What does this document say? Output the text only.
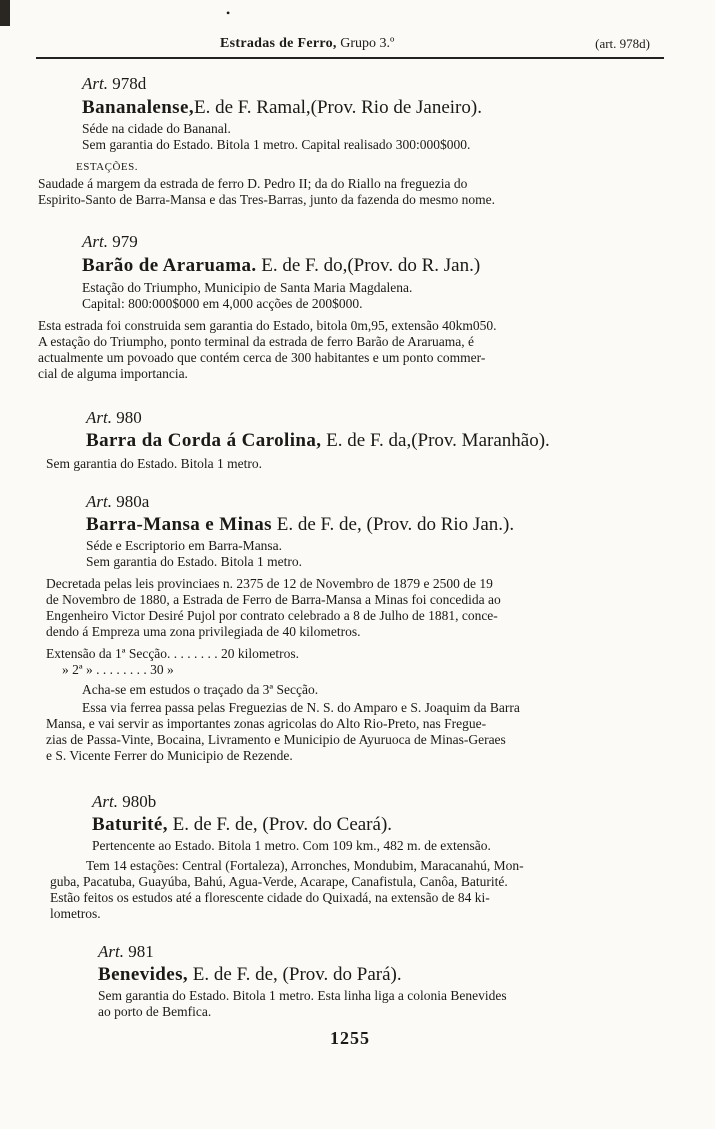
•
Estradas de Ferro, Grupo 3.º	(art. 978d)
Art. 978d
Bananalense,E. de F. Ramal,(Prov. Rio de Janeiro).
Séde na cidade do Bananal.
Sem garantia do Estado. Bitola 1 metro. Capital realisado 300:000$000.
ESTAÇÕES.
Saudade á margem da estrada de ferro D. Pedro II; da do Riallo na freguezia do
Espirito-Santo de Barra-Mansa e das Tres-Barras, junto da fazenda do mesmo nome.
Art. 979
Barão de Araruama. E. de F. do,(Prov. do R. Jan.)
Estação do Triumpho, Municipio de Santa Maria Magdalena.
Capital: 800:000$000 em 4,000 acções de 200$000.
Esta estrada foi construida sem garantia do Estado, bitola 0m,95, extensão 40km050.
A estação do Triumpho, ponto terminal da estrada de ferro Barão de Araruama, é
actualmente um povoado que contém cerca de 300 habitantes e um ponto commer-
cial de alguma importancia.
Art. 980
Barra da Corda á Carolina, E. de F. da,(Prov. Maranhão).
Sem garantia do Estado. Bitola 1 metro.
Art. 980a
Barra-Mansa e Minas E. de F. de, (Prov. do Rio Jan.).
Séde e Escriptorio em Barra-Mansa.
Sem garantia do Estado. Bitola 1 metro.
Decretada pelas leis provinciaes n. 2375 de 12 de Novembro de 1879 e 2500 de 19
de Novembro de 1880, a Estrada de Ferro de Barra-Mansa a Minas foi concedida ao
Engenheiro Victor Desiré Pujol por contrato celebrado a 8 de Julho de 1881, conce-
dendo á Empreza uma zona privilegiada de 40 kilometros.
Extensão da 1ª Secção. . . . . . . . 20 kilometros.
» 2ª » . . . . . . . . 30 »
Acha-se em estudos o traçado da 3ª Secção.
Essa via ferrea passa pelas Freguezias de N. S. do Amparo e S. Joaquim da Barra
Mansa, e vai servir as importantes zonas agricolas do Alto Rio-Preto, nas Fregue-
zias de Passa-Vinte, Bocaina, Livramento e Municipio de Ayuruoca de Minas-Geraes
e S. Vicente Ferrer do Municipio de Rezende.
Art. 980b
Baturité, E. de F. de, (Prov. do Ceará).
Pertencente ao Estado. Bitola 1 metro. Com 109 km., 482 m. de extensão.
Tem 14 estações: Central (Fortaleza), Arronches, Mondubim, Maracanahú, Mon-
guba, Pacatuba, Guayúba, Bahú, Agua-Verde, Acarape, Canafistula, Canôa, Baturité.
Estão feitos os estudos até a florescente cidade do Quixadá, na extensão de 84 ki-
lometros.
Art. 981
Benevides, E. de F. de, (Prov. do Pará).
Sem garantia do Estado. Bitola 1 metro. Esta linha liga a colonia Benevides
ao porto de Bemfica.
1255
